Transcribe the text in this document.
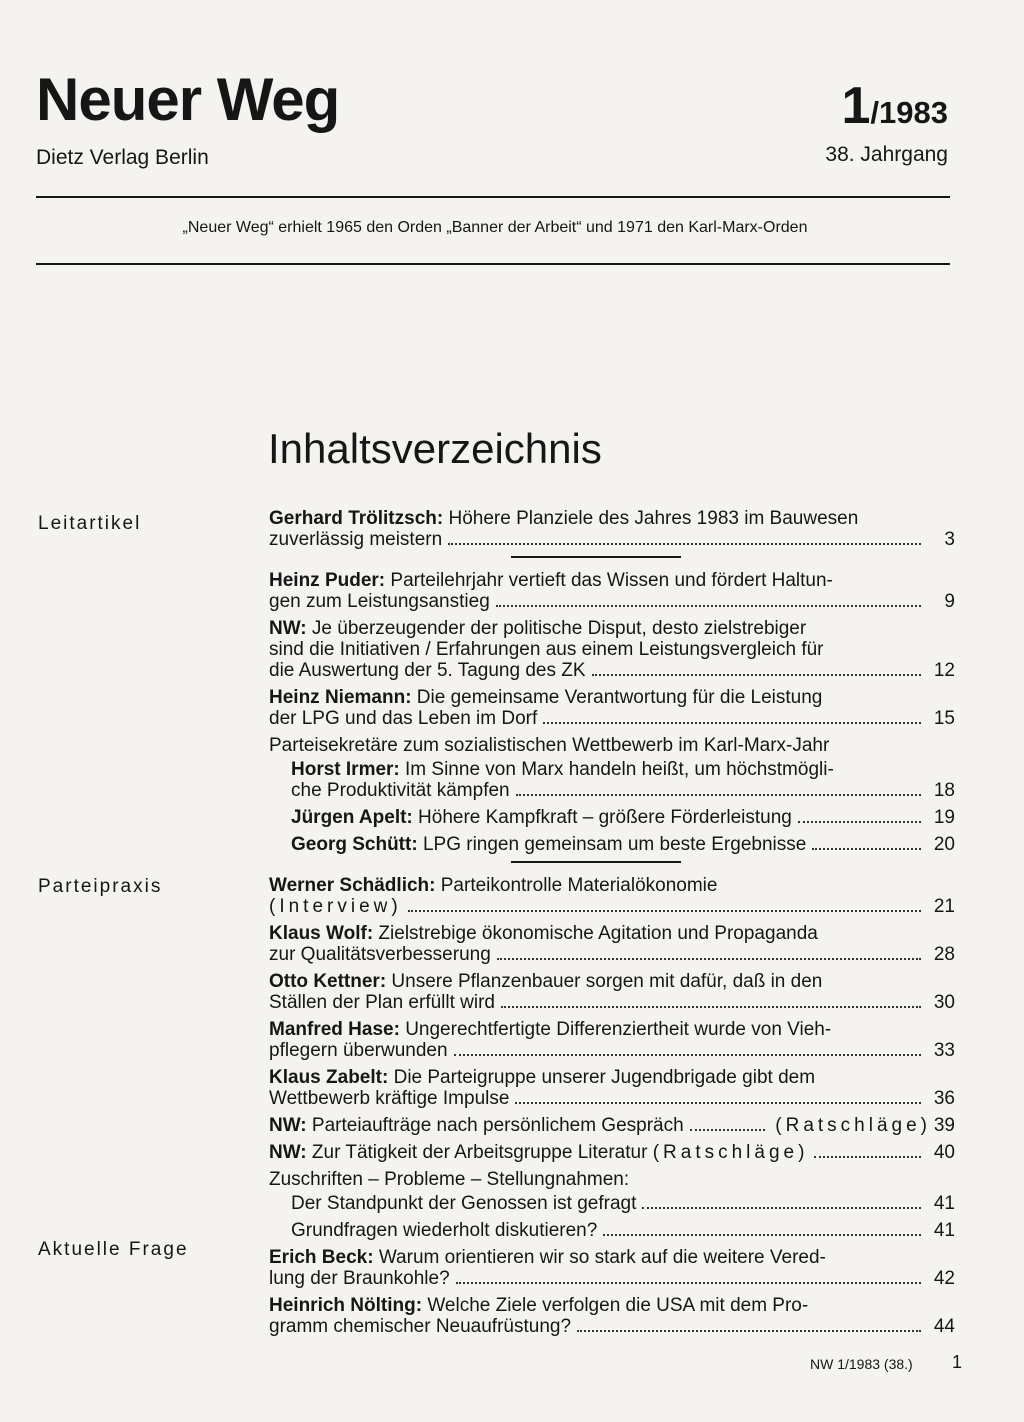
Neuer Weg
Dietz Verlag Berlin
1/1983
38. Jahrgang
„Neuer Weg“ erhielt 1965 den Orden „Banner der Arbeit“ und 1971 den Karl-Marx-Orden
Inhaltsverzeichnis
Leitartikel
Parteipraxis
Aktuelle Frage
Gerhard Trölitzsch: Höhere Planziele des Jahres 1983 im Bauwesen
zuverlässig meistern	3
Heinz Puder: Parteilehrjahr vertieft das Wissen und fördert Haltun-
gen zum Leistungsanstieg	9
NW: Je überzeugender der politische Disput, desto zielstrebiger
sind die Initiativen / Erfahrungen aus einem Leistungsvergleich für
die Auswertung der 5. Tagung des ZK	12
Heinz Niemann: Die gemeinsame Verantwortung für die Leistung
der LPG und das Leben im Dorf	15
Parteisekretäre zum sozialistischen Wettbewerb im Karl-Marx-Jahr
Horst Irmer: Im Sinne von Marx handeln heißt, um höchstmögli-
che Produktivität kämpfen	18
Jürgen Apelt: Höhere Kampfkraft – größere Förderleistung	19
Georg Schütt: LPG ringen gemeinsam um beste Ergebnisse	20
Werner Schädlich: Parteikontrolle Materialökonomie
(Interview)	21
Klaus Wolf: Zielstrebige ökonomische Agitation und Propaganda
zur Qualitätsverbesserung	28
Otto Kettner: Unsere Pflanzenbauer sorgen mit dafür, daß in den
Ställen der Plan erfüllt wird	30
Manfred Hase: Ungerechtfertigte Differenziertheit wurde von Vieh-
pflegern überwunden	33
Klaus Zabelt: Die Parteigruppe unserer Jugendbrigade gibt dem
Wettbewerb kräftige Impulse	36
NW: Parteiaufträge nach persönlichem Gespräch	(Ratschläge) 39
NW: Zur Tätigkeit der Arbeitsgruppe Literatur (Ratschläge)	40
Zuschriften – Probleme – Stellungnahmen:
Der Standpunkt der Genossen ist gefragt	41
Grundfragen wiederholt diskutieren?	41
Erich Beck: Warum orientieren wir so stark auf die weitere Vered-
lung der Braunkohle?	42
Heinrich Nölting: Welche Ziele verfolgen die USA mit dem Pro-
gramm chemischer Neuaufrüstung?	44
NW 1/1983 (38.) 1
